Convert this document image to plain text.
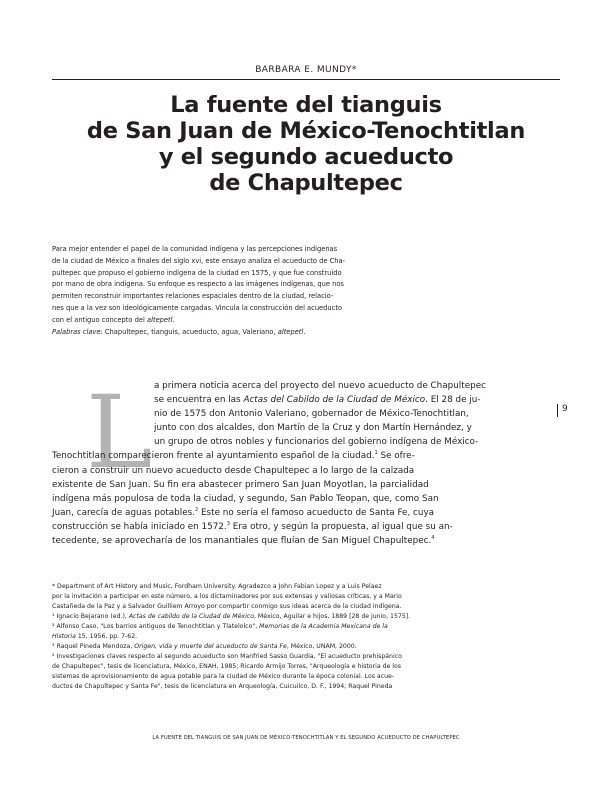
BARBARA E. MUNDY*
La fuente del tianguis
de San Juan de México-Tenochtitlan
y el segundo acueducto
de Chapultepec
Para mejor entender el papel de la comunidad indígena y las percepciones indígenas
de la ciudad de México a finales del siglo xvi, este ensayo analiza el acueducto de Cha-
pultepec que propuso el gobierno indígena de la ciudad en 1575, y que fue construido
por mano de obra indígena. Su enfoque es respecto a las imágenes indígenas, que nos
permiten reconstruir importantes relaciones espaciales dentro de la ciudad, relacio-
nes que a la vez son ideológicamente cargadas. Vincula la construcción del acueducto
con el antiguo concepto del altepetl.
Palabras clave: Chapultepec, tianguis, acueducto, agua, Valeriano, altepetl.
L a primera noticia acerca del proyecto del nuevo acueducto de Chapultepec
se encuentra en las Actas del Cabildo de la Ciudad de México. El 28 de ju-
nio de 1575 don Antonio Valeriano, gobernador de México-Tenochtitlan,
junto con dos alcaldes, don Martín de la Cruz y don Martín Hernández, y
un grupo de otros nobles y funcionarios del gobierno indígena de México-
Tenochtitlan comparecieron frente al ayuntamiento español de la ciudad.$^1$ Se ofre-
cieron a construir un nuevo acueducto desde Chapultepec a lo largo de la calzada
existente de San Juan. Su fin era abastecer primero San Juan Moyotlan, la parcialidad
indígena más populosa de toda la ciudad, y segundo, San Pablo Teopan, que, como San
Juan, carecía de aguas potables.$^2$ Este no sería el famoso acueducto de Santa Fe, cuya
construcción se había iniciado en 1572.$^3$ Era otro, y según la propuesta, al igual que su an-
tecedente, se aprovecharía de los manantiales que fluían de San Miguel Chapultepec.$^4$
9
* Department of Art History and Music, Fordham University. Agradezco a John Fabian Lopez y a Luis Pelaez
por la invitación a participar en este número, a los dictaminadores por sus extensas y valiosas críticas, y a Mario
Castañeda de la Paz y a Salvador Guilliem Arroyo por compartir conmigo sus ideas acerca de la ciudad indígena.
¹ Ignacio Bejarano (ed.), Actas de cabildo de la Ciudad de México, México, Aguilar e hijos, 1889 [28 de junio, 1575].
² Alfonso Caso, "Los barrios antiguos de Tenochtitlan y Tlatelolco", Memorias de la Academia Mexicana de la
Historia 15, 1956, pp. 7-62.
³ Raquel Pineda Mendoza, Origen, vida y muerte del acueducto de Santa Fe, México, UNAM, 2000.
⁴ Investigaciones claves respecto al segundo acueducto son Manfried Sasso Guardia, "El acueducto prehispánico
de Chapultepec", tesis de licenciatura, México, ENAH, 1985; Ricardo Armijo Torres, "Arqueología e historia de los
sistemas de aprovisionamiento de agua potable para la ciudad de México durante la época colonial. Los acue-
ductos de Chapultepec y Santa Fe", tesis de licenciatura en Arqueología, Cuicuilco, D. F., 1994; Raquel Pineda
LA FUENTE DEL TIANGUIS DE SAN JUAN DE MÉXICO-TENOCHTITLAN Y EL SEGUNDO ACUEDUCTO DE CHAPULTEPEC
